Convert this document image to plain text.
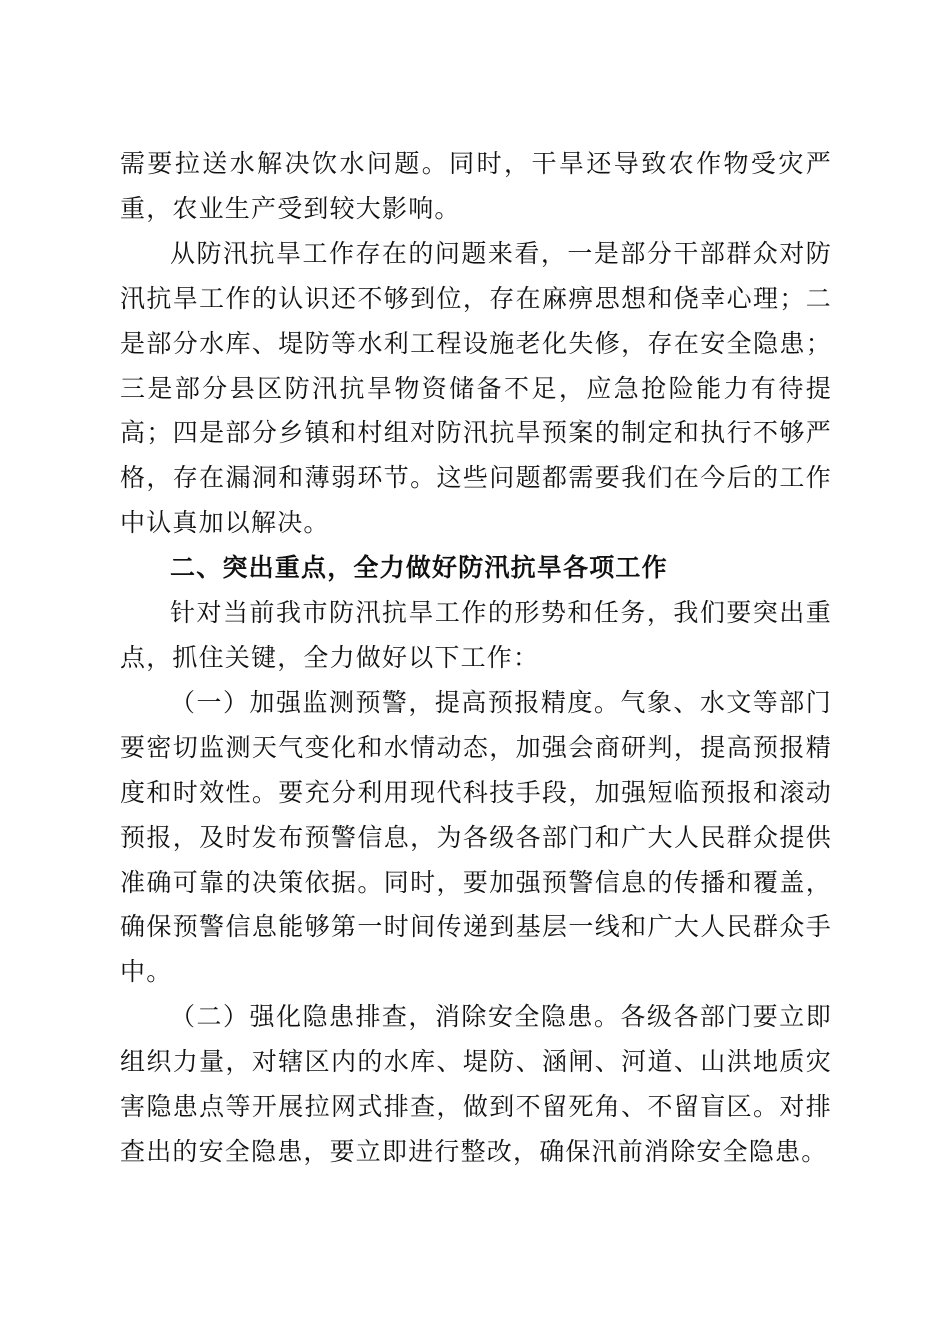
需要拉送水解决饮水问题。同时，干旱还导致农作物受灾严重，农业生产受到较大影响。

从防汛抗旱工作存在的问题来看，一是部分干部群众对防汛抗旱工作的认识还不够到位，存在麻痹思想和侥幸心理；二是部分水库、堤防等水利工程设施老化失修，存在安全隐患；三是部分县区防汛抗旱物资储备不足，应急抢险能力有待提高；四是部分乡镇和村组对防汛抗旱预案的制定和执行不够严格，存在漏洞和薄弱环节。这些问题都需要我们在今后的工作中认真加以解决。

二、突出重点，全力做好防汛抗旱各项工作

针对当前我市防汛抗旱工作的形势和任务，我们要突出重点，抓住关键，全力做好以下工作：

（一）加强监测预警，提高预报精度。气象、水文等部门要密切监测天气变化和水情动态，加强会商研判，提高预报精度和时效性。要充分利用现代科技手段，加强短临预报和滚动预报，及时发布预警信息，为各级各部门和广大人民群众提供准确可靠的决策依据。同时，要加强预警信息的传播和覆盖，确保预警信息能够第一时间传递到基层一线和广大人民群众手中。

（二）强化隐患排查，消除安全隐患。各级各部门要立即组织力量，对辖区内的水库、堤防、涵闸、河道、山洪地质灾害隐患点等开展拉网式排查，做到不留死角、不留盲区。对排查出的安全隐患，要立即进行整改，确保汛前消除安全隐患。
